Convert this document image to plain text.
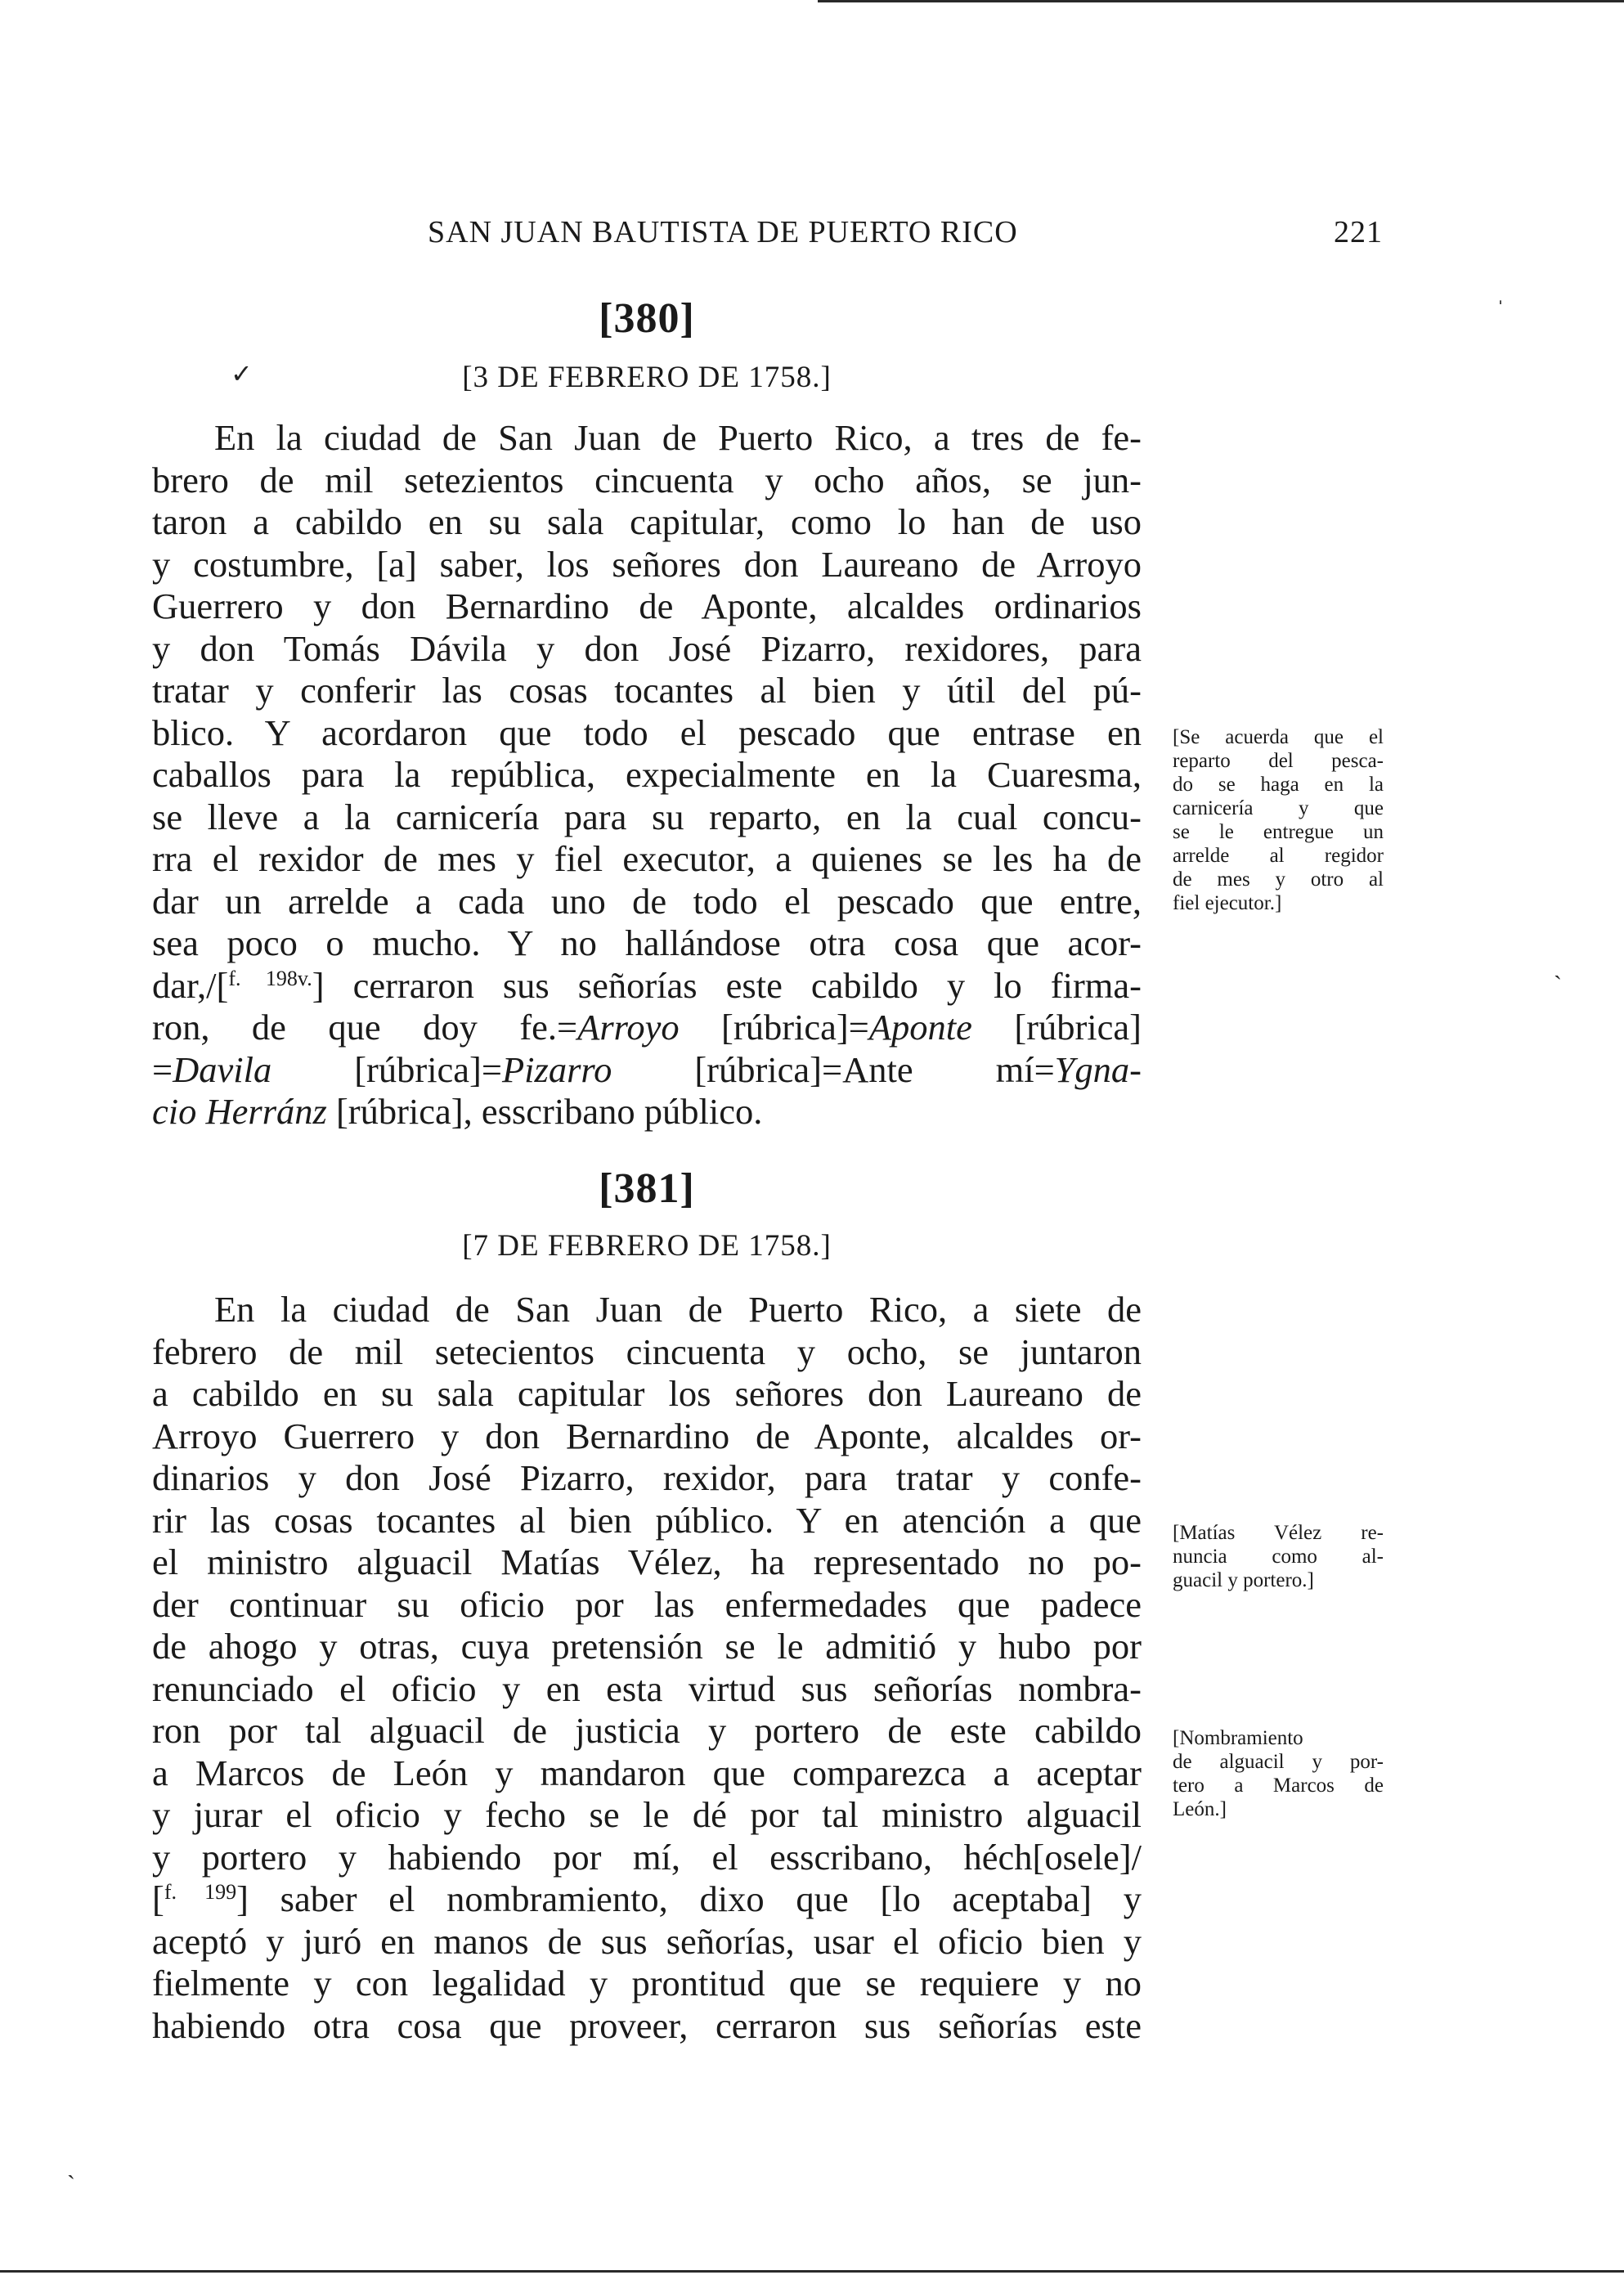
SAN JUAN BAUTISTA DE PUERTO RICO	221
ˈ
✓
ˎ
ˏ
[380]
[3 DE FEBRERO DE 1758.]
En la ciudad de San Juan de Puerto Rico, a tres de fe-
brero de mil setezientos cincuenta y ocho años, se jun-
taron a cabildo en su sala capitular, como lo han de uso
y costumbre, [a] saber, los señores don Laureano de Arroyo
Guerrero y don Bernardino de Aponte, alcaldes ordinarios
y don Tomás Dávila y don José Pizarro, rexidores, para
tratar y conferir las cosas tocantes al bien y útil del pú-
blico. Y acordaron que todo el pescado que entrase en
caballos para la república, expecialmente en la Cuaresma,
se lleve a la carnicería para su reparto, en la cual concu-
rra el rexidor de mes y fiel executor, a quienes se les ha de
dar un arrelde a cada uno de todo el pescado que entre,
sea poco o mucho. Y no hallándose otra cosa que acor-
dar,/[$^{f. 198v.}$] cerraron sus señorías este cabildo y lo firma-
ron, de que doy fe.=Arroyo [rúbrica]=Aponte [rúbrica]
=Davila [rúbrica]=Pizarro [rúbrica]=Ante mí=Ygna-
cio Herránz [rúbrica], esscribano público.
[Se acuerda que el
reparto del pesca-
do se haga en la
carnicería y que
se le entregue un
arrelde al regidor
de mes y otro al
fiel ejecutor.]
[381]
[7 DE FEBRERO DE 1758.]
En la ciudad de San Juan de Puerto Rico, a siete de
febrero de mil setecientos cincuenta y ocho, se juntaron
a cabildo en su sala capitular los señores don Laureano de
Arroyo Guerrero y don Bernardino de Aponte, alcaldes or-
dinarios y don José Pizarro, rexidor, para tratar y confe-
rir las cosas tocantes al bien público. Y en atención a que
el ministro alguacil Matías Vélez, ha representado no po-
der continuar su oficio por las enfermedades que padece
de ahogo y otras, cuya pretensión se le admitió y hubo por
renunciado el oficio y en esta virtud sus señorías nombra-
ron por tal alguacil de justicia y portero de este cabildo
a Marcos de León y mandaron que comparezca a aceptar
y jurar el oficio y fecho se le dé por tal ministro alguacil
y portero y habiendo por mí, el esscribano, héch[osele]/
[$^{f. 199}$] saber el nombramiento, dixo que [lo aceptaba] y
aceptó y juró en manos de sus señorías, usar el oficio bien y
fielmente y con legalidad y prontitud que se requiere y no
habiendo otra cosa que proveer, cerraron sus señorías este
[Matías Vélez re-
nuncia como al-
guacil y portero.]
[Nombramiento
de alguacil y por-
tero a Marcos de
León.]
